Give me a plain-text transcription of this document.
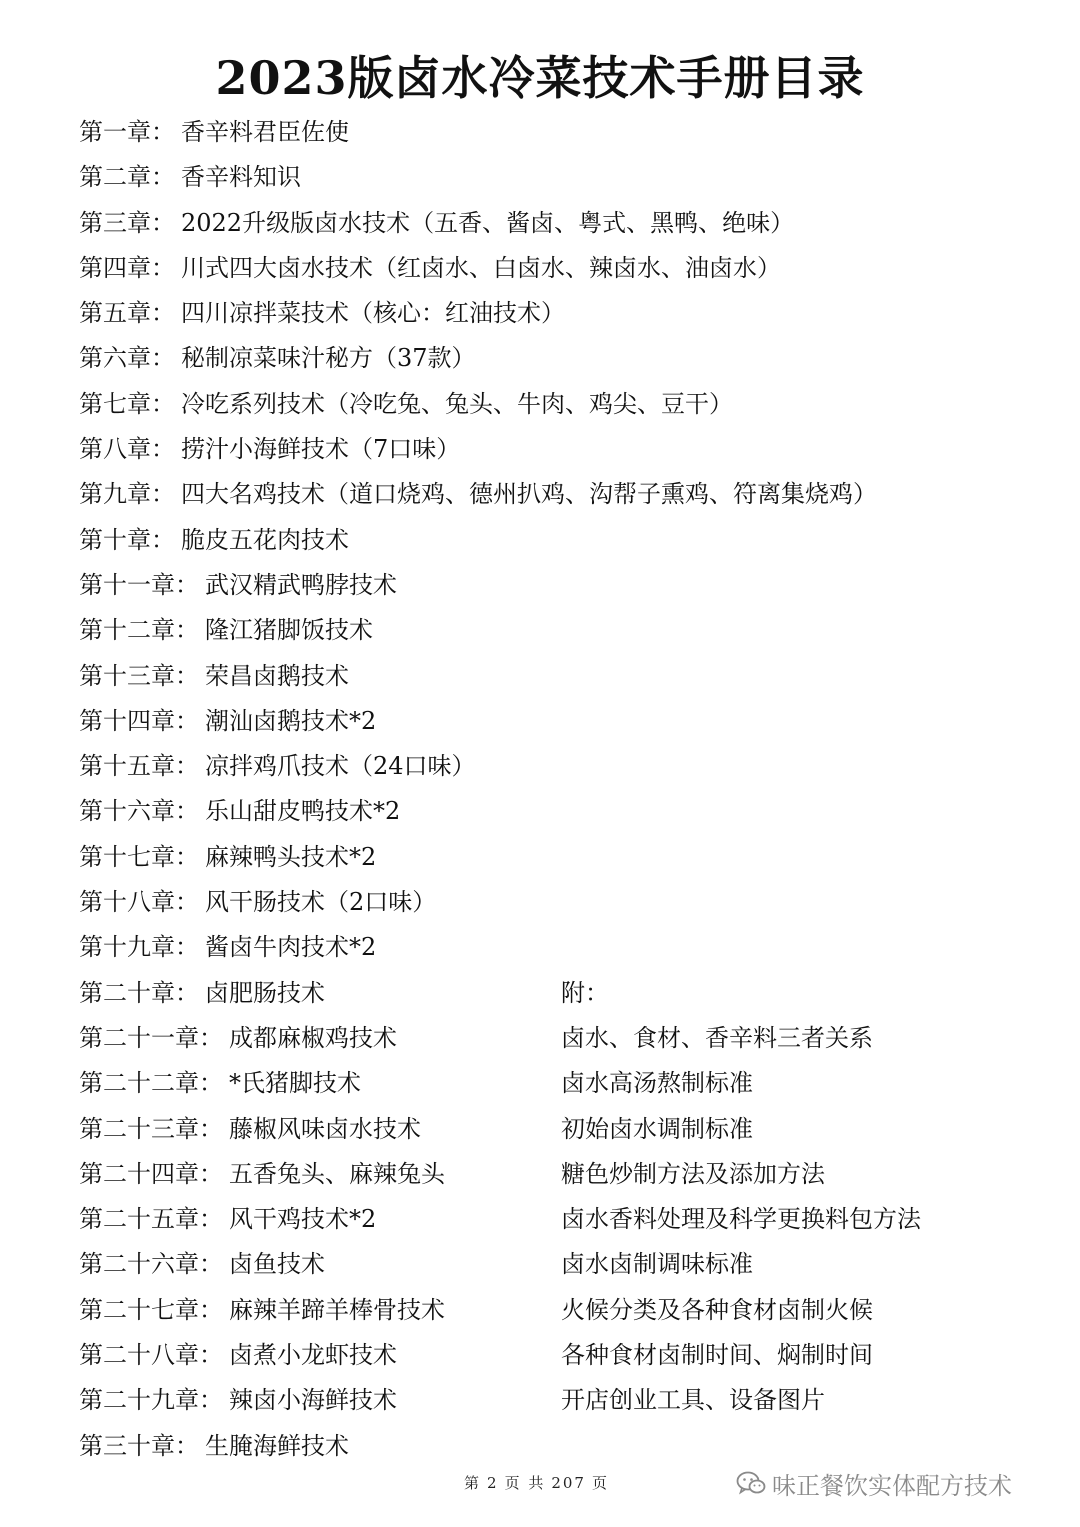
2023版卤水冷菜技术手册目录
第一章： 香辛料君臣佐使
第二章： 香辛料知识
第三章： 2022升级版卤水技术（五香、酱卤、粤式、黑鸭、绝味）
第四章： 川式四大卤水技术（红卤水、白卤水、辣卤水、油卤水）
第五章： 四川凉拌菜技术（核心：红油技术）
第六章： 秘制凉菜味汁秘方（37款）
第七章： 冷吃系列技术（冷吃兔、兔头、牛肉、鸡尖、豆干）
第八章： 捞汁小海鲜技术（7口味）
第九章： 四大名鸡技术（道口烧鸡、德州扒鸡、沟帮子熏鸡、符离集烧鸡）
第十章： 脆皮五花肉技术
第十一章： 武汉精武鸭脖技术
第十二章： 隆江猪脚饭技术
第十三章： 荣昌卤鹅技术
第十四章： 潮汕卤鹅技术*2
第十五章： 凉拌鸡爪技术（24口味）
第十六章： 乐山甜皮鸭技术*2
第十七章： 麻辣鸭头技术*2
第十八章： 风干肠技术（2口味）
第十九章： 酱卤牛肉技术*2
第二十章： 卤肥肠技术	附：
第二十一章： 成都麻椒鸡技术	卤水、食材、香辛料三者关系
第二十二章： *氏猪脚技术	卤水高汤熬制标准
第二十三章： 藤椒风味卤水技术	初始卤水调制标准
第二十四章： 五香兔头、麻辣兔头	糖色炒制方法及添加方法
第二十五章： 风干鸡技术*2	卤水香料处理及科学更换料包方法
第二十六章： 卤鱼技术	卤水卤制调味标准
第二十七章： 麻辣羊蹄羊棒骨技术	火候分类及各种食材卤制火候
第二十八章： 卤煮小龙虾技术	各种食材卤制时间、焖制时间
第二十九章： 辣卤小海鲜技术	开店创业工具、设备图片
第三十章： 生腌海鲜技术
第 2 页 共 207 页	味正餐饮实体配方技术
